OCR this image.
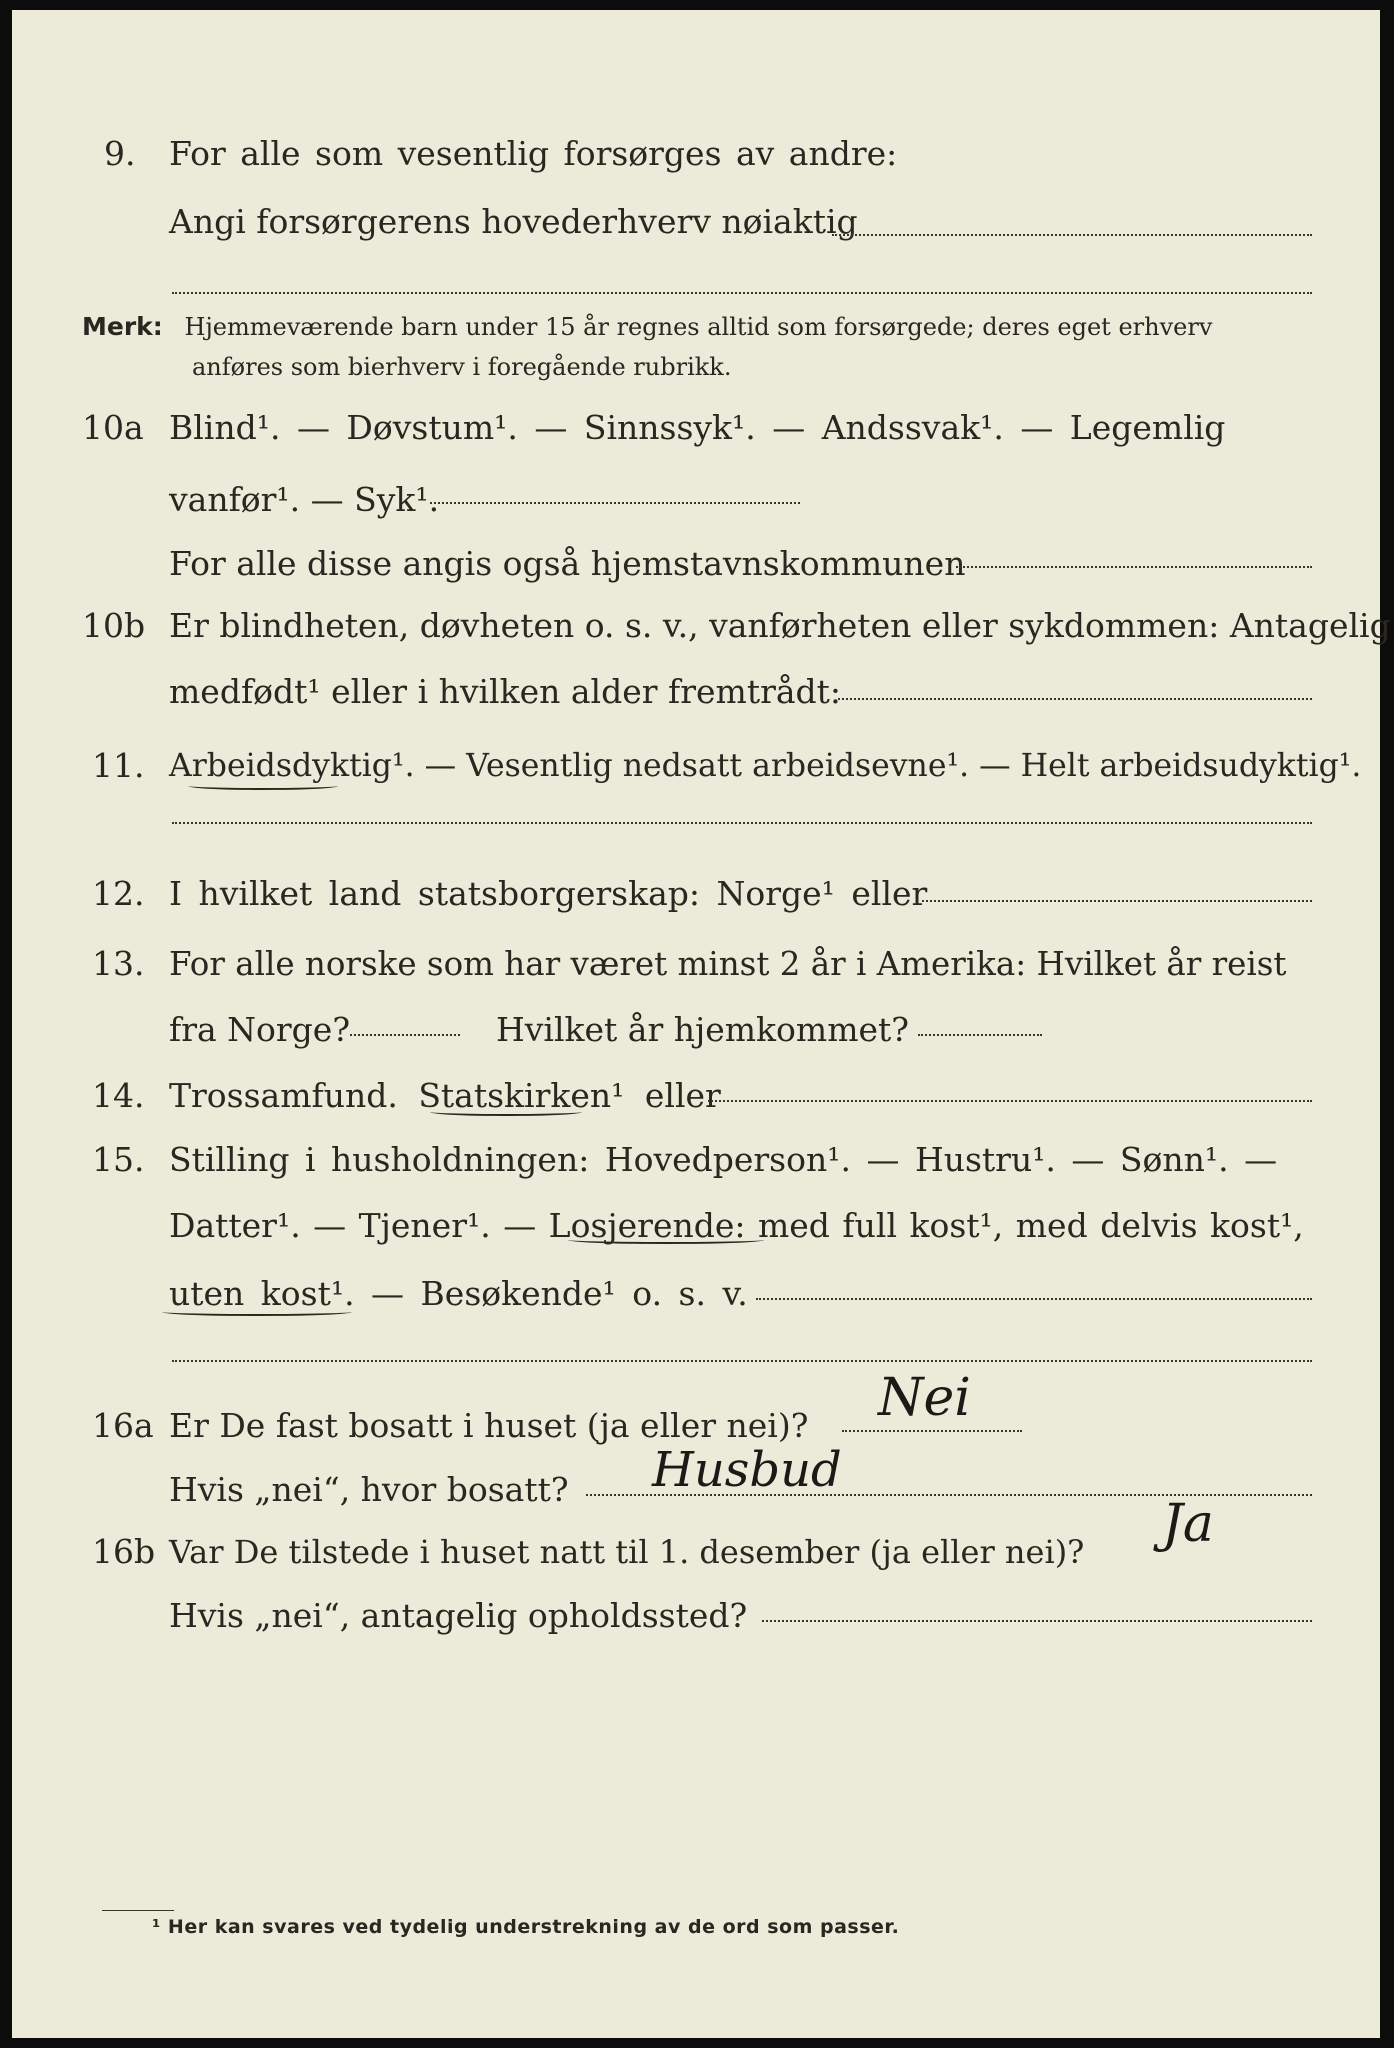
9. For alle som vesentlig forsørges av andre:
Angi forsørgerens hovederhverv nøiaktig
Merk: Hjemmeværende barn under 15 år regnes alltid som forsørgede; deres eget erhverv
anføres som bierhverv i foregående rubrikk.
10a Blind¹. — Døvstum¹. — Sinnssyk¹. — Andssvak¹. — Legemlig
vanfør¹. — Syk¹.
For alle disse angis også hjemstavnskommunen
10b Er blindheten, døvheten o. s. v., vanførheten eller sykdommen: Antagelig
medfødt¹ eller i hvilken alder fremtrådt:
11. Arbeidsdyktig¹. — Vesentlig nedsatt arbeidsevne¹. — Helt arbeidsudyktig¹.
12. I hvilket land statsborgerskap: Norge¹ eller
13. For alle norske som har været minst 2 år i Amerika: Hvilket år reist
fra Norge?	Hvilket år hjemkommet?
14. Trossamfund. Statskirken¹ eller
15. Stilling i husholdningen: Hovedperson¹. — Hustru¹. — Sønn¹. —
Datter¹. — Tjener¹. — Losjerende: med full kost¹, med delvis kost¹,
uten kost¹. — Besøkende¹ o. s. v.
16a Er De fast bosatt i huset (ja eller nei)? Nei
Hvis „nei“, hvor bosatt? Husbud
16b Var De tilstede i huset natt til 1. desember (ja eller nei)? Ja
Hvis „nei“, antagelig opholdssted?
¹ Her kan svares ved tydelig understrekning av de ord som passer.
